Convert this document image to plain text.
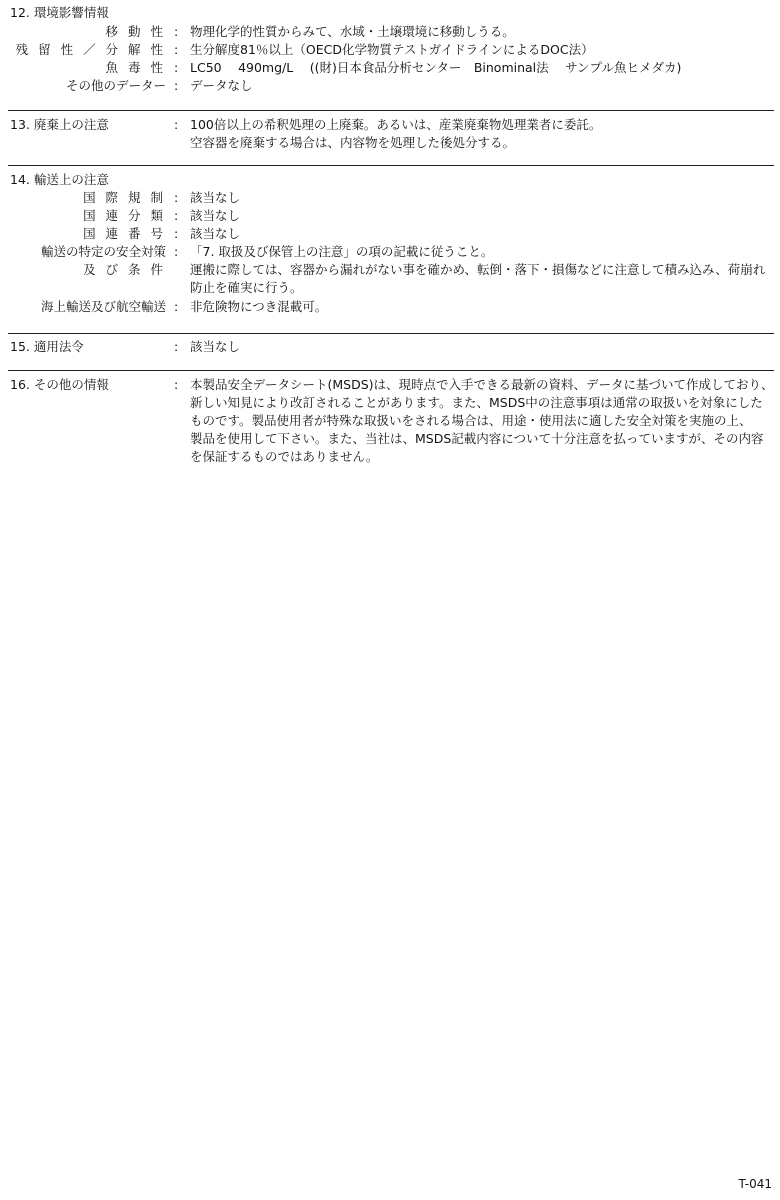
12. 環境影響情報
移 動 性 : 物理化学的性質からみて、水域・土壌環境に移動しうる。
残 留 性 ／ 分 解 性 : 生分解度81％以上（OECD化学物質テストガイドラインによるDOC法）
魚 毒 性 : LC50　 490mg/L　 ((財)日本食品分析センター　Binominal法　 サンプル魚ヒメダカ)
その他のデーター : データなし
13. 廃棄上の注意	: 100倍以上の希釈処理の上廃棄。あるいは、産業廃棄物処理業者に委託。
空容器を廃棄する場合は、内容物を処理した後処分する。
14. 輸送上の注意
国 際 規 制 : 該当なし
国 連 分 類 : 該当なし
国 連 番 号 : 該当なし
輸送の特定の安全対策 : 「7. 取扱及び保管上の注意」の項の記載に従うこと。
及 び 条 件 運搬に際しては、容器から漏れがない事を確かめ、転倒・落下・損傷などに注意して積み込み、荷崩れ
防止を確実に行う。
海上輸送及び航空輸送 : 非危険物につき混載可。
15. 適用法令	: 該当なし
16. その他の情報	: 本製品安全データシート(MSDS)は、現時点で入手できる最新の資料、データに基づいて作成しており、
新しい知見により改訂されることがあります。また、MSDS中の注意事項は通常の取扱いを対象にした
ものです。製品使用者が特殊な取扱いをされる場合は、用途・使用法に適した安全対策を実施の上、
製品を使用して下さい。また、当社は、MSDS記載内容について十分注意を払っていますが、その内容
を保証するものではありません。
T-041
